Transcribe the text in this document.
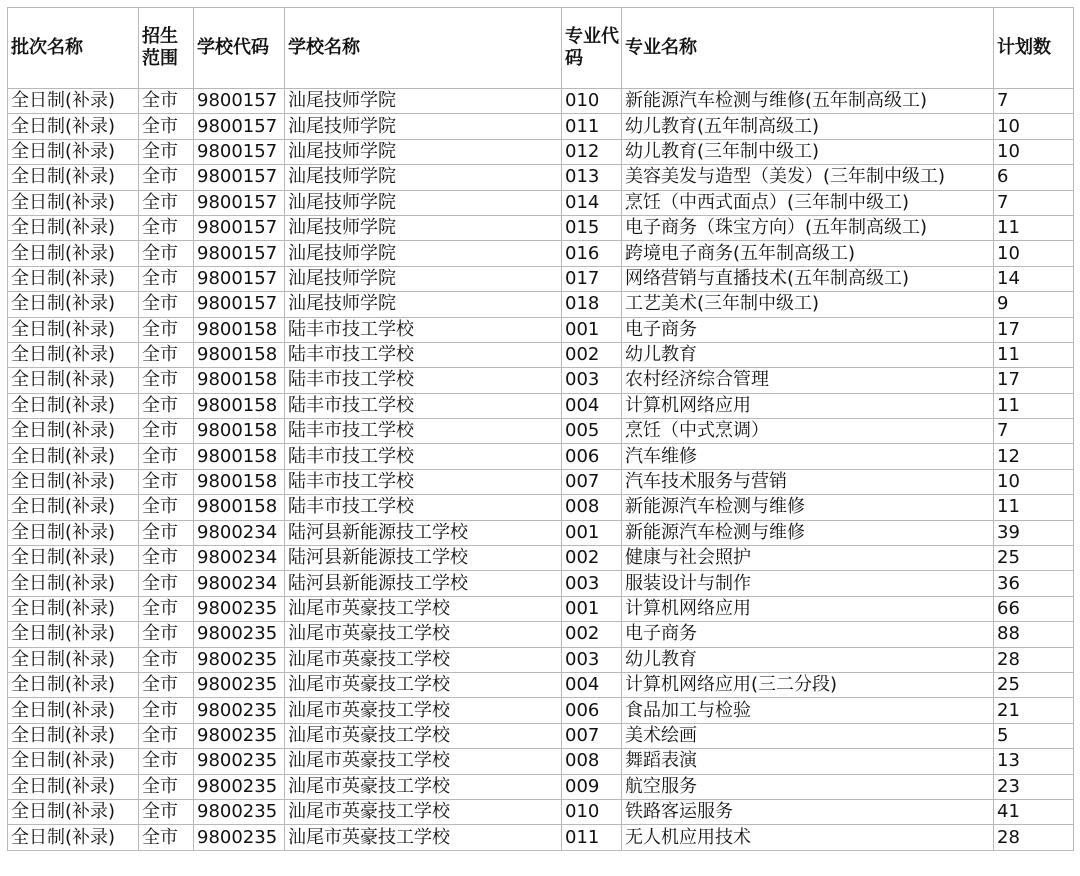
批次名称	招生范围	学校代码	学校名称	专业代码	专业名称	计划数
全日制(补录)	全市	9800157	汕尾技师学院	010	新能源汽车检测与维修(五年制高级工)	7
全日制(补录)	全市	9800157	汕尾技师学院	011	幼儿教育(五年制高级工)	10
全日制(补录)	全市	9800157	汕尾技师学院	012	幼儿教育(三年制中级工)	10
全日制(补录)	全市	9800157	汕尾技师学院	013	美容美发与造型（美发）(三年制中级工)	6
全日制(补录)	全市	9800157	汕尾技师学院	014	烹饪（中西式面点）(三年制中级工)	7
全日制(补录)	全市	9800157	汕尾技师学院	015	电子商务（珠宝方向）(五年制高级工)	11
全日制(补录)	全市	9800157	汕尾技师学院	016	跨境电子商务(五年制高级工)	10
全日制(补录)	全市	9800157	汕尾技师学院	017	网络营销与直播技术(五年制高级工)	14
全日制(补录)	全市	9800157	汕尾技师学院	018	工艺美术(三年制中级工)	9
全日制(补录)	全市	9800158	陆丰市技工学校	001	电子商务	17
全日制(补录)	全市	9800158	陆丰市技工学校	002	幼儿教育	11
全日制(补录)	全市	9800158	陆丰市技工学校	003	农村经济综合管理	17
全日制(补录)	全市	9800158	陆丰市技工学校	004	计算机网络应用	11
全日制(补录)	全市	9800158	陆丰市技工学校	005	烹饪（中式烹调）	7
全日制(补录)	全市	9800158	陆丰市技工学校	006	汽车维修	12
全日制(补录)	全市	9800158	陆丰市技工学校	007	汽车技术服务与营销	10
全日制(补录)	全市	9800158	陆丰市技工学校	008	新能源汽车检测与维修	11
全日制(补录)	全市	9800234	陆河县新能源技工学校	001	新能源汽车检测与维修	39
全日制(补录)	全市	9800234	陆河县新能源技工学校	002	健康与社会照护	25
全日制(补录)	全市	9800234	陆河县新能源技工学校	003	服装设计与制作	36
全日制(补录)	全市	9800235	汕尾市英豪技工学校	001	计算机网络应用	66
全日制(补录)	全市	9800235	汕尾市英豪技工学校	002	电子商务	88
全日制(补录)	全市	9800235	汕尾市英豪技工学校	003	幼儿教育	28
全日制(补录)	全市	9800235	汕尾市英豪技工学校	004	计算机网络应用(三二分段)	25
全日制(补录)	全市	9800235	汕尾市英豪技工学校	006	食品加工与检验	21
全日制(补录)	全市	9800235	汕尾市英豪技工学校	007	美术绘画	5
全日制(补录)	全市	9800235	汕尾市英豪技工学校	008	舞蹈表演	13
全日制(补录)	全市	9800235	汕尾市英豪技工学校	009	航空服务	23
全日制(补录)	全市	9800235	汕尾市英豪技工学校	010	铁路客运服务	41
全日制(补录)	全市	9800235	汕尾市英豪技工学校	011	无人机应用技术	28
